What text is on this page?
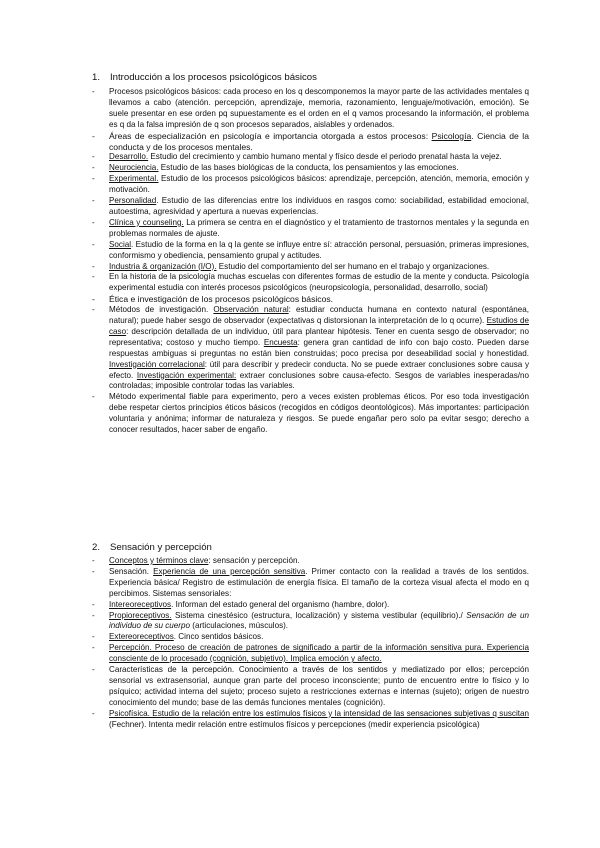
1. Introducción a los procesos psicológicos básicos
- Procesos psicológicos básicos: cada proceso en los q descomponemos la mayor parte de las actividades mentales q llevamos a cabo (atención. percepción, aprendizaje, memoria, razonamiento, lenguaje/motivación, emoción). Se suele presentar en ese orden pq supuestamente es el orden en el q vamos procesando la información, el problema es q da la falsa impresión de q son procesos separados, aislables y ordenados.
- Áreas de especialización en psicología e importancia otorgada a estos procesos: Psicología. Ciencia de la conducta y de los procesos mentales.
- Desarrollo. Estudio del crecimiento y cambio humano mental y físico desde el periodo prenatal hasta la vejez.
- Neurociencia. Estudio de las bases biológicas de la conducta, los pensamientos y las emociones.
- Experimental. Estudio de los procesos psicológicos básicos: aprendizaje, percepción, atención, memoria, emoción y motivación.
- Personalidad. Estudio de las diferencias entre los individuos en rasgos como: sociabilidad, estabilidad emocional, autoestima, agresividad y apertura a nuevas experiencias.
- Clínica y counseling. La primera se centra en el diagnóstico y el tratamiento de trastornos mentales y la segunda en problemas normales de ajuste.
- Social. Estudio de la forma en la q la gente se influye entre sí: atracción personal, persuasión, primeras impresiones, conformismo y obediencia, pensamiento grupal y actitudes.
- Industria & organización (I/O). Estudio del comportamiento del ser humano en el trabajo y organizaciones.
- En la historia de la psicología muchas escuelas con diferentes formas de estudio de la mente y conducta. Psicología experimental estudia con interés procesos psicológicos (neuropsicología, personalidad, desarrollo, social)
- Ética e investigación de los procesos psicológicos básicos.
- Métodos de investigación. Observación natural: estudiar conducta humana en contexto natural (espontánea, natural); puede haber sesgo de observador (expectativas q distorsionan la interpretación de lo q ocurre). Estudios de caso: descripción detallada de un individuo, útil para plantear hipótesis. Tener en cuenta sesgo de observador; no representativa; costoso y mucho tiempo. Encuesta: genera gran cantidad de info con bajo costo. Pueden darse respuestas ambiguas si preguntas no están bien construidas; poco precisa por deseabilidad social y honestidad. Investigación correlacional: útil para describir y predecir conducta. No se puede extraer conclusiones sobre causa y efecto. Investigación experimental: extraer conclusiones sobre causa-efecto. Sesgos de variables inesperadas/no controladas; imposible controlar todas las variables.
- Método experimental fiable para experimento, pero a veces existen problemas éticos. Por eso toda investigación debe respetar ciertos principios éticos básicos (recogidos en códigos deontológicos). Más importantes: participación voluntaria y anónima; informar de naturaleza y riesgos. Se puede engañar pero solo pa evitar sesgo; derecho a conocer resultados, hacer saber de engaño.
2. Sensación y percepción
- Conceptos y términos clave: sensación y percepción.
- Sensación. Experiencia de una percepción sensitiva. Primer contacto con la realidad a través de los sentidos. Experiencia básica/ Registro de estimulación de energía física. El tamaño de la corteza visual afecta el modo en q percibimos. Sistemas sensoriales:
- Intereoreceptivos. Informan del estado general del organismo (hambre, dolor).
- Propioreceptivos. Sistema cinestésico (estructura, localización) y sistema vestibular (equilibrio)./ Sensación de un individuo de su cuerpo (articulaciones, músculos).
- Extereoreceptivos. Cinco sentidos básicos.
- Percepción. Proceso de creación de patrones de significado a partir de la información sensitiva pura. Experiencia consciente de lo procesado (cognición, subjetivo). Implica emoción y afecto.
- Características de la percepción. Conocimiento a través de los sentidos y mediatizado por ellos; percepción sensorial vs extrasensorial, aunque gran parte del proceso inconsciente; punto de encuentro entre lo físico y lo psíquico; actividad interna del sujeto; proceso sujeto a restricciones externas e internas (sujeto); origen de nuestro conocimiento del mundo; base de las demás funciones mentales (cognición).
- Psicofísica. Estudio de la relación entre los estímulos físicos y la intensidad de las sensaciones subjetivas q suscitan (Fechner). Intenta medir relación entre estímulos físicos y percepciones (medir experiencia psicológica)
